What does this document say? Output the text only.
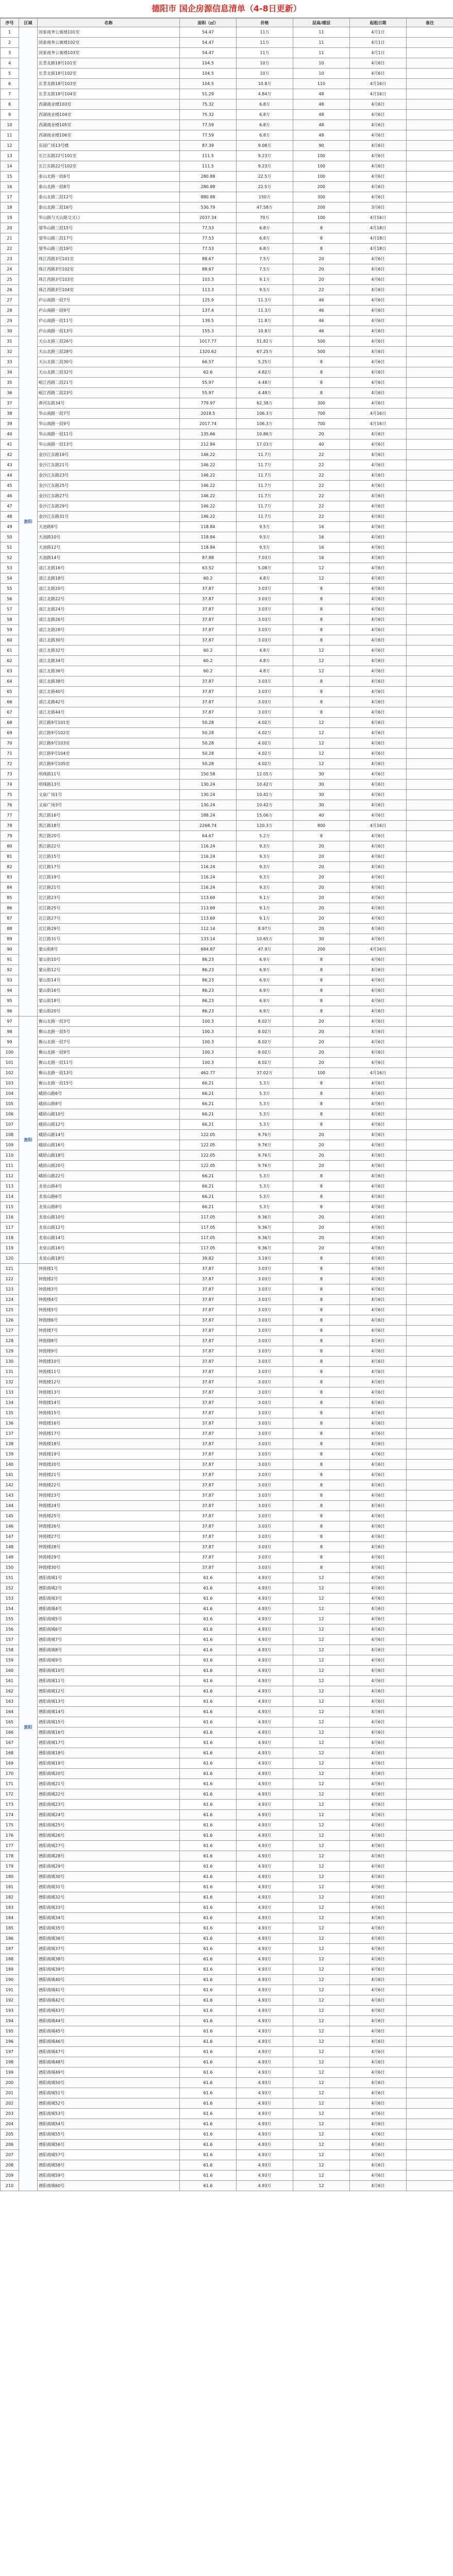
德阳市 国企房源信息清单（4-8日更新）
序号	区域	名称	面积（㎡）	价格	层高/楼层	起租日期	备注
1	旌阳	国泰商务公寓楼101室	54.47	11万	11	4月1日	
2		国泰商务公寓楼102室	54.47	11万	11	4月1日	
3		国泰商务公寓楼103室	54.47	11万	11	4月1日	
4		长青北路18号101室	104.5	10万	10	4月6日	
5		长青北路18号102室	104.5	10万	10	4月6日	
6		长青北路18号103室	104.5	10.8万	110	4月16日	
7		长青北路18号104室	51.29	4.84万	48	4月16日	
8		西湖商业楼103室	75.32	6.8万	48	4月6日	
9		西湖商业楼104室	75.32	6.8万	48	4月6日	
10		西湖商业楼105室	77.59	6.8万	48	4月6日	
11		西湖商业楼106室	77.59	6.8万	48	4月6日	
12		东园广场13号楼	87.39	9.08万	90	4月6日	
13		长江东路22号101室	111.5	9.23万	100	4月6日	
14		长江东路22号102室	111.5	9.23万	100	4月6日	
15		泰山北路一段6号	280.88	22.5万	100	4月6日	
16		泰山北路一段8号	280.88	22.5万	200	4月6日	
17		泰山北路二段12号	880.88	150万	300	4月6日	
18		泰山北路二段16号	530.79	47.58万	200	3月6日	
19		华山路与天山路交叉口	2037.34	70万	100	4月16日	
20		蓥华山路三段15号	77.53	6.8万	8	4月18日	
21		蓥华山路三段17号	77.53	6.8万	8	4月18日	
22		蓥华山路三段19号	77.53	6.8万	8	4月18日	
23		珠江西路3号101室	88.67	7.5万	20	4月6日	
24		珠江西路3号102室	88.67	7.5万	20	4月6日	
25		珠江西路3号103室	103.3	9.1万	20	4月6日	
26		珠江西路3号104室	113.3	9.5万	22	4月6日	
27		庐山南路一段7号	125.9	11.3万	46	4月6日	
28		庐山南路一段9号	137.4	11.3万	46	4月6日	
29		庐山南路一段11号	139.5	11.8万	46	4月6日	
30		庐山南路一段13号	155.3	10.8万	46	4月6日	
31		天山北路三段26号	1017.77	51.82万	500	4月6日	
32		天山北路三段28号	1320.62	67.25万	500	4月6日	
33		天山北路三段30号	66.57	5.25万	8	4月6日	
34		天山北路三段32号	62.6	4.82万	8	4月6日	
35		岷江西路二段21号	55.97	4.48万	8	4月6日	
36		岷江西路二段23号	55.97	4.48万	8	4月6日	
37		黄河东路34号	779.97	62.38万	300	4月6日	
38		华山南路一段7号	2018.5	106.3万	700	4月16日	
39		华山南路一段9号	2017.74	106.3万	700	4月16日	
40		华山南路一段11号	135.66	10.86万	20	4月6日	
41		华山南路一段13号	212.84	17.03万	40	4月6日	
42		金沙江东路19号	146.22	11.7万	22	4月6日	
43		金沙江东路21号	146.22	11.7万	22	4月6日	
44		金沙江东路23号	146.22	11.7万	22	4月6日	
45		金沙江东路25号	146.22	11.7万	22	4月6日	
46		金沙江东路27号	146.22	11.7万	22	4月6日	
47		金沙江东路29号	146.22	11.7万	22	4月6日	
48		金沙江东路31号	146.22	11.7万	22	4月6日	
49		天池路8号	118.84	9.5万	16	4月6日	
50		天池路10号	118.84	9.5万	16	4月6日	
51		天池路12号	118.84	9.5万	16	4月6日	
52		天池路14号	87.88	7.03万	16	4月6日	
53		清江北路16号	63.52	5.08万	12	4月6日	
54		清江北路18号	60.2	4.8万	12	4月6日	
55		清江北路20号	37.87	3.03万	8	4月6日	
56		清江北路22号	37.87	3.03万	8	4月6日	
57		清江北路24号	37.87	3.03万	8	4月6日	
58		清江北路26号	37.87	3.03万	8	4月6日	
59		清江北路28号	37.87	3.03万	8	4月6日	
60		清江北路30号	37.87	3.03万	8	4月6日	
61		清江北路32号	60.2	4.8万	12	4月6日	
62		清江北路34号	60.2	4.8万	12	4月6日	
63		清江北路36号	60.2	4.8万	12	4月6日	
64		清江北路38号	37.87	3.03万	8	4月6日	
65		清江北路40号	37.87	3.03万	8	4月6日	
66		清江北路42号	37.87	3.03万	8	4月6日	
67		清江北路44号	37.87	3.03万	8	4月6日	
68		滨江路9号101室	50.28	4.02万	12	4月6日	
69		滨江路9号102室	50.28	4.02万	12	4月6日	
70		滨江路9号103室	50.28	4.02万	12	4月6日	
71		滨江路9号104室	50.28	4.02万	12	4月6日	
72		滨江路9号105室	50.28	4.02万	12	4月6日	
73		明珠路11号	150.58	12.05万	30	4月6日	
74		明珠路13号	130.24	10.42万	30	4月6日	
75		文庙广场1号	130.24	10.42万	30	4月6日	
76		文庙广场3号	130.24	10.42万	30	4月6日	
77		凯江路16号	188.24	15.06万	40	4月6日	
78		凯江路18号	2268.74	120.3万	800	4月16日	
79		凯江路20号	64.67	5.2万	8	4月6日	
80		凯江路22号	116.24	9.3万	20	4月6日	
81		沱江路15号	116.24	9.3万	20	4月6日	
82		沱江路17号	116.24	9.3万	20	4月6日	
83		沱江路19号	116.24	9.3万	20	4月6日	
84		沱江路21号	116.24	9.3万	20	4月6日	
85		沱江路23号	113.69	9.1万	20	4月6日	
86		沱江路25号	113.69	9.1万	20	4月6日	
87		沱江路27号	113.69	9.1万	20	4月6日	
88		沱江路29号	112.14	8.97万	20	4月6日	
89		沱江路31号	133.14	10.65万	30	4月6日	
90		蒙山街8号	684.87	47.9万	200	4月16日	
91		蒙山街10号	86.23	6.9万	8	4月6日	
92		蒙山街12号	86.23	6.9万	8	4月6日	
93		蒙山街14号	86.23	6.9万	8	4月6日	
94		蒙山街16号	86.23	6.9万	8	4月6日	
95		蒙山街18号	86.23	6.9万	8	4月6日	
96		蒙山街20号	86.23	6.9万	8	4月6日	
97	旌阳	衡山北路一段3号	100.3	8.02万	20	4月6日	
98		衡山北路一段5号	100.3	8.02万	20	4月6日	
99		衡山北路一段7号	100.3	8.02万	20	4月6日	
100		衡山北路一段9号	100.3	8.02万	20	4月6日	
101		衡山北路一段11号	100.3	8.02万	20	4月6日	
102		衡山北路一段13号	462.77	37.02万	100	4月16日	
103		衡山北路一段15号	66.21	5.3万	8	4月6日	
104		峨眉山路6号	66.21	5.3万	8	4月6日	
105		峨眉山路8号	66.21	5.3万	8	4月6日	
106		峨眉山路10号	66.21	5.3万	8	4月6日	
107		峨眉山路12号	66.21	5.3万	8	4月6日	
108		峨眉山路14号	122.05	9.76万	20	4月6日	
109		峨眉山路16号	122.05	9.76万	20	4月6日	
110		峨眉山路18号	122.05	9.76万	20	4月6日	
111		峨眉山路20号	122.05	9.76万	20	4月6日	
112		峨眉山路22号	66.21	5.3万	8	4月6日	
113		龙泉山路4号	66.21	5.3万	8	4月6日	
114		龙泉山路6号	66.21	5.3万	8	4月6日	
115		龙泉山路8号	66.21	5.3万	8	4月6日	
116		龙泉山路10号	117.05	9.36万	20	4月6日	
117		龙泉山路12号	117.05	9.36万	20	4月6日	
118		龙泉山路14号	117.05	9.36万	20	4月6日	
119		龙泉山路16号	117.05	9.36万	20	4月6日	
120		龙泉山路18号	39.82	3.19万	8	4月6日	
121	旌阳	钟鼓楼1号	37.87	3.03万	8	4月6日	
122		钟鼓楼2号	37.87	3.03万	8	4月6日	
123		钟鼓楼3号	37.87	3.03万	8	4月6日	
124		钟鼓楼4号	37.87	3.03万	8	4月6日	
125		钟鼓楼5号	37.87	3.03万	8	4月6日	
126		钟鼓楼6号	37.87	3.03万	8	4月6日	
127		钟鼓楼7号	37.87	3.03万	8	4月6日	
128		钟鼓楼8号	37.87	3.03万	8	4月6日	
129		钟鼓楼9号	37.87	3.03万	8	4月6日	
130		钟鼓楼10号	37.87	3.03万	8	4月6日	
131		钟鼓楼11号	37.87	3.03万	8	4月6日	
132		钟鼓楼12号	37.87	3.03万	8	4月6日	
133		钟鼓楼13号	37.87	3.03万	8	4月6日	
134		钟鼓楼14号	37.87	3.03万	8	4月6日	
135		钟鼓楼15号	37.87	3.03万	8	4月6日	
136		钟鼓楼16号	37.87	3.03万	8	4月6日	
137		钟鼓楼17号	37.87	3.03万	8	4月6日	
138		钟鼓楼18号	37.87	3.03万	8	4月6日	
139		钟鼓楼19号	37.87	3.03万	8	4月6日	
140		钟鼓楼20号	37.87	3.03万	8	4月6日	
141		钟鼓楼21号	37.87	3.03万	8	4月6日	
142		钟鼓楼22号	37.87	3.03万	8	4月6日	
143		钟鼓楼23号	37.87	3.03万	8	4月6日	
144		钟鼓楼24号	37.87	3.03万	8	4月6日	
145		钟鼓楼25号	37.87	3.03万	8	4月6日	
146		钟鼓楼26号	37.87	3.03万	8	4月6日	
147		钟鼓楼27号	37.87	3.03万	8	4月6日	
148		钟鼓楼28号	37.87	3.03万	8	4月6日	
149		钟鼓楼29号	37.87	3.03万	8	4月6日	
150		钟鼓楼30号	37.87	3.03万	8	4月6日	
151		德阳商城1号	61.6	4.93万	12	4月6日	
152		德阳商城2号	61.6	4.93万	12	4月6日	
153		德阳商城3号	61.6	4.93万	12	4月6日	
154		德阳商城4号	61.6	4.93万	12	4月6日	
155		德阳商城5号	61.6	4.93万	12	4月6日	
156		德阳商城6号	61.6	4.93万	12	4月6日	
157		德阳商城7号	61.6	4.93万	12	4月6日	
158		德阳商城8号	61.6	4.93万	12	4月6日	
159		德阳商城9号	61.6	4.93万	12	4月6日	
160		德阳商城10号	61.6	4.93万	12	4月6日	
161		德阳商城11号	61.6	4.93万	12	4月6日	
162		德阳商城12号	61.6	4.93万	12	4月6日	
163		德阳商城13号	61.6	4.93万	12	4月6日	
164		德阳商城14号	61.6	4.93万	12	4月6日	
165		德阳商城15号	61.6	4.93万	12	4月6日	
166		德阳商城16号	61.6	4.93万	12	4月6日	
167		德阳商城17号	61.6	4.93万	12	4月6日	
168		德阳商城18号	61.6	4.93万	12	4月6日	
169		德阳商城19号	61.6	4.93万	12	4月6日	
170		德阳商城20号	61.6	4.93万	12	4月6日	
171		德阳商城21号	61.6	4.93万	12	4月6日	
172		德阳商城22号	61.6	4.93万	12	4月6日	
173		德阳商城23号	61.6	4.93万	12	4月6日	
174		德阳商城24号	61.6	4.93万	12	4月6日	
175		德阳商城25号	61.6	4.93万	12	4月6日	
176		德阳商城26号	61.6	4.93万	12	4月6日	
177		德阳商城27号	61.6	4.93万	12	4月6日	
178		德阳商城28号	61.6	4.93万	12	4月6日	
179		德阳商城29号	61.6	4.93万	12	4月6日	
180		德阳商城30号	61.6	4.93万	12	4月6日	
181		德阳商城31号	61.6	4.93万	12	4月6日	
182		德阳商城32号	61.6	4.93万	12	4月6日	
183		德阳商城33号	61.6	4.93万	12	4月6日	
184		德阳商城34号	61.6	4.93万	12	4月6日	
185		德阳商城35号	61.6	4.93万	12	4月6日	
186		德阳商城36号	61.6	4.93万	12	4月6日	
187		德阳商城37号	61.6	4.93万	12	4月6日	
188		德阳商城38号	61.6	4.93万	12	4月6日	
189		德阳商城39号	61.6	4.93万	12	4月6日	
190		德阳商城40号	61.6	4.93万	12	4月6日	
191		德阳商城41号	61.6	4.93万	12	4月6日	
192		德阳商城42号	61.6	4.93万	12	4月6日	
193		德阳商城43号	61.6	4.93万	12	4月6日	
194		德阳商城44号	61.6	4.93万	12	4月6日	
195		德阳商城45号	61.6	4.93万	12	4月6日	
196		德阳商城46号	61.6	4.93万	12	4月6日	
197		德阳商城47号	61.6	4.93万	12	4月6日	
198		德阳商城48号	61.6	4.93万	12	4月6日	
199		德阳商城49号	61.6	4.93万	12	4月6日	
200		德阳商城50号	61.6	4.93万	12	4月6日	
201		德阳商城51号	61.6	4.93万	12	4月6日	
202		德阳商城52号	61.6	4.93万	12	4月6日	
203		德阳商城53号	61.6	4.93万	12	4月6日	
204		德阳商城54号	61.6	4.93万	12	4月6日	
205		德阳商城55号	61.6	4.93万	12	4月6日	
206		德阳商城56号	61.6	4.93万	12	4月6日	
207		德阳商城57号	61.6	4.93万	12	4月6日	
208		德阳商城58号	61.6	4.93万	12	4月6日	
209		德阳商城59号	61.6	4.93万	12	4月6日	
210		德阳商城60号	61.6	4.93万	12	4月6日	
